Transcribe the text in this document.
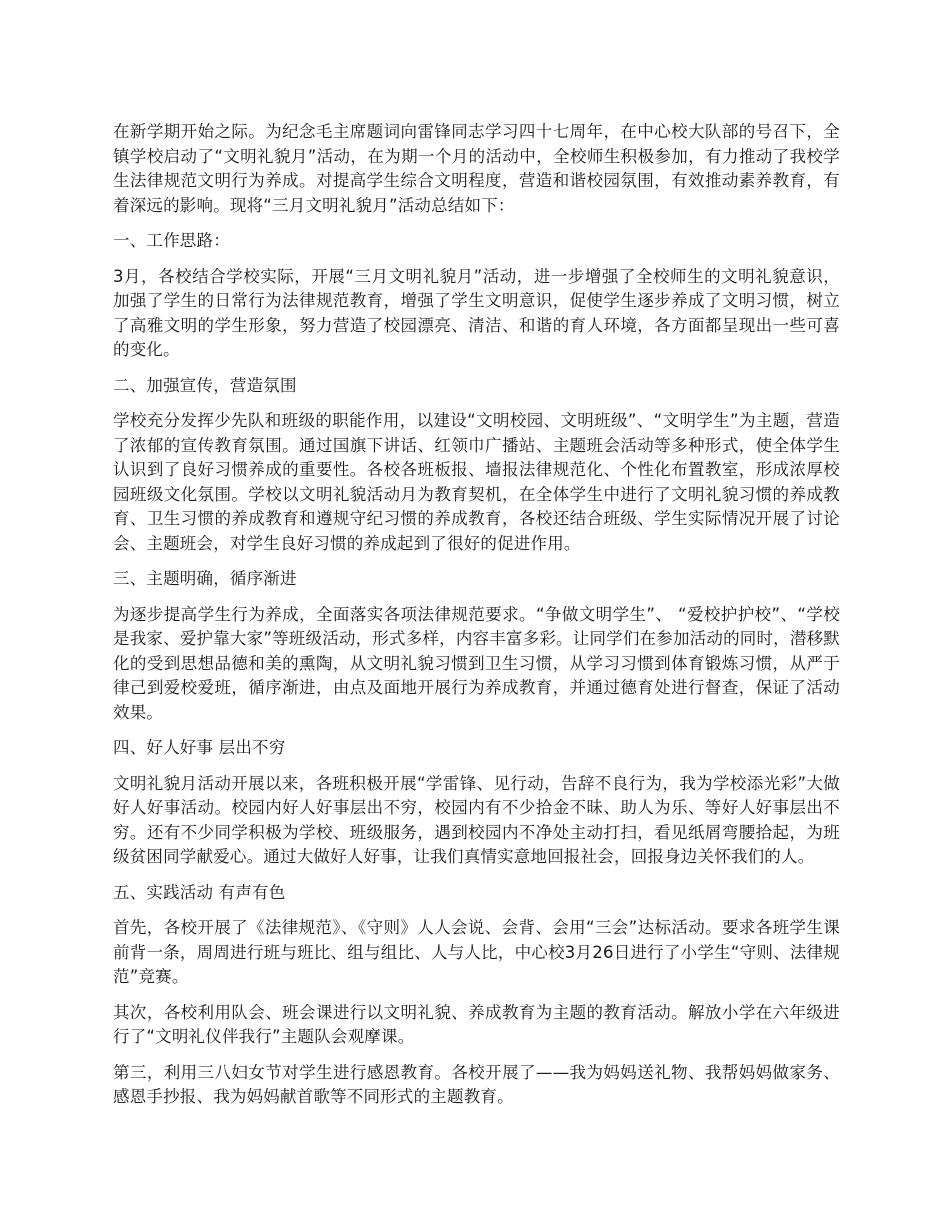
在新学期开始之际。为纪念毛主席题词向雷锋同志学习四十七周年，在中心校大队部的号召下，全镇学校启动了“文明礼貌月”活动，在为期一个月的活动中，全校师生积极参加，有力推动了我校学生法律规范文明行为养成。对提高学生综合文明程度，营造和谐校园氛围，有效推动素养教育，有着深远的影响。现将“三月文明礼貌月”活动总结如下：

一、工作思路：

3月，各校结合学校实际，开展“三月文明礼貌月”活动，进一步增强了全校师生的文明礼貌意识，加强了学生的日常行为法律规范教育，增强了学生文明意识，促使学生逐步养成了文明习惯，树立了高雅文明的学生形象，努力营造了校园漂亮、清洁、和谐的育人环境，各方面都呈现出一些可喜的变化。

二、加强宣传，营造氛围

学校充分发挥少先队和班级的职能作用，以建设“文明校园、文明班级”、“文明学生”为主题，营造了浓郁的宣传教育氛围。通过国旗下讲话、红领巾广播站、主题班会活动等多种形式，使全体学生认识到了良好习惯养成的重要性。各校各班板报、墙报法律规范化、个性化布置教室，形成浓厚校园班级文化氛围。学校以文明礼貌活动月为教育契机，在全体学生中进行了文明礼貌习惯的养成教育、卫生习惯的养成教育和遵规守纪习惯的养成教育，各校还结合班级、学生实际情况开展了讨论会、主题班会，对学生良好习惯的养成起到了很好的促进作用。

三、主题明确，循序渐进

为逐步提高学生行为养成，全面落实各项法律规范要求。“争做文明学生”、 “爱校护护校”、“学校是我家、爱护靠大家”等班级活动，形式多样，内容丰富多彩。让同学们在参加活动的同时，潜移默化的受到思想品德和美的熏陶，从文明礼貌习惯到卫生习惯，从学习习惯到体育锻炼习惯，从严于律己到爱校爱班，循序渐进，由点及面地开展行为养成教育，并通过德育处进行督查，保证了活动效果。

四、好人好事 层出不穷

文明礼貌月活动开展以来，各班积极开展“学雷锋、见行动，告辞不良行为，我为学校添光彩”大做好人好事活动。校园内好人好事层出不穷，校园内有不少拾金不昧、助人为乐、等好人好事层出不穷。还有不少同学积极为学校、班级服务，遇到校园内不净处主动打扫，看见纸屑弯腰拾起，为班级贫困同学献爱心。通过大做好人好事，让我们真情实意地回报社会，回报身边关怀我们的人。

五、实践活动 有声有色

首先，各校开展了《法律规范》、《守则》人人会说、会背、会用“三会”达标活动。要求各班学生课前背一条，周周进行班与班比、组与组比、人与人比，中心校3月26日进行了小学生“守则、法律规范”竞赛。

其次，各校利用队会、班会课进行以文明礼貌、养成教育为主题的教育活动。解放小学在六年级进行了“文明礼仪伴我行”主题队会观摩课。

第三，利用三八妇女节对学生进行感恩教育。各校开展了——我为妈妈送礼物、我帮妈妈做家务、感恩手抄报、我为妈妈献首歌等不同形式的主题教育。
